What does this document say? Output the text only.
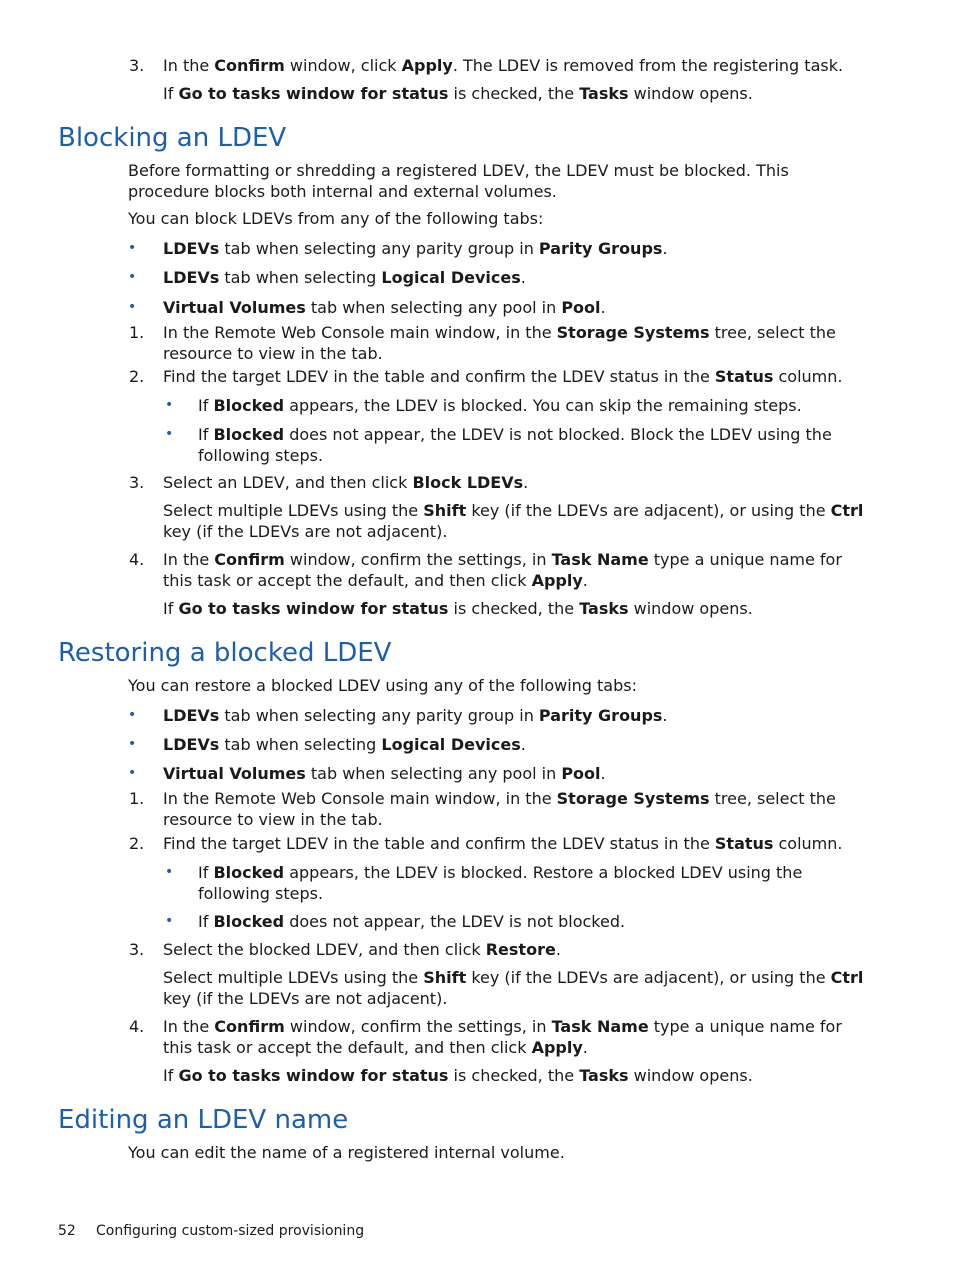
3. In the Confirm window, click Apply. The LDEV is removed from the registering task.
If Go to tasks window for status is checked, the Tasks window opens.
Blocking an LDEV
Before formatting or shredding a registered LDEV, the LDEV must be blocked. This procedure blocks both internal and external volumes.
You can block LDEVs from any of the following tabs:
• LDEVs tab when selecting any parity group in Parity Groups.
• LDEVs tab when selecting Logical Devices.
• Virtual Volumes tab when selecting any pool in Pool.
1. In the Remote Web Console main window, in the Storage Systems tree, select the resource to view in the tab.
2. Find the target LDEV in the table and confirm the LDEV status in the Status column.
• If Blocked appears, the LDEV is blocked. You can skip the remaining steps.
• If Blocked does not appear, the LDEV is not blocked. Block the LDEV using the following steps.
3. Select an LDEV, and then click Block LDEVs.
Select multiple LDEVs using the Shift key (if the LDEVs are adjacent), or using the Ctrl key (if the LDEVs are not adjacent).
4. In the Confirm window, confirm the settings, in Task Name type a unique name for this task or accept the default, and then click Apply.
If Go to tasks window for status is checked, the Tasks window opens.
Restoring a blocked LDEV
You can restore a blocked LDEV using any of the following tabs:
• LDEVs tab when selecting any parity group in Parity Groups.
• LDEVs tab when selecting Logical Devices.
• Virtual Volumes tab when selecting any pool in Pool.
1. In the Remote Web Console main window, in the Storage Systems tree, select the resource to view in the tab.
2. Find the target LDEV in the table and confirm the LDEV status in the Status column.
• If Blocked appears, the LDEV is blocked. Restore a blocked LDEV using the following steps.
• If Blocked does not appear, the LDEV is not blocked.
3. Select the blocked LDEV, and then click Restore.
Select multiple LDEVs using the Shift key (if the LDEVs are adjacent), or using the Ctrl key (if the LDEVs are not adjacent).
4. In the Confirm window, confirm the settings, in Task Name type a unique name for this task or accept the default, and then click Apply.
If Go to tasks window for status is checked, the Tasks window opens.
Editing an LDEV name
You can edit the name of a registered internal volume.
52 Configuring custom-sized provisioning
